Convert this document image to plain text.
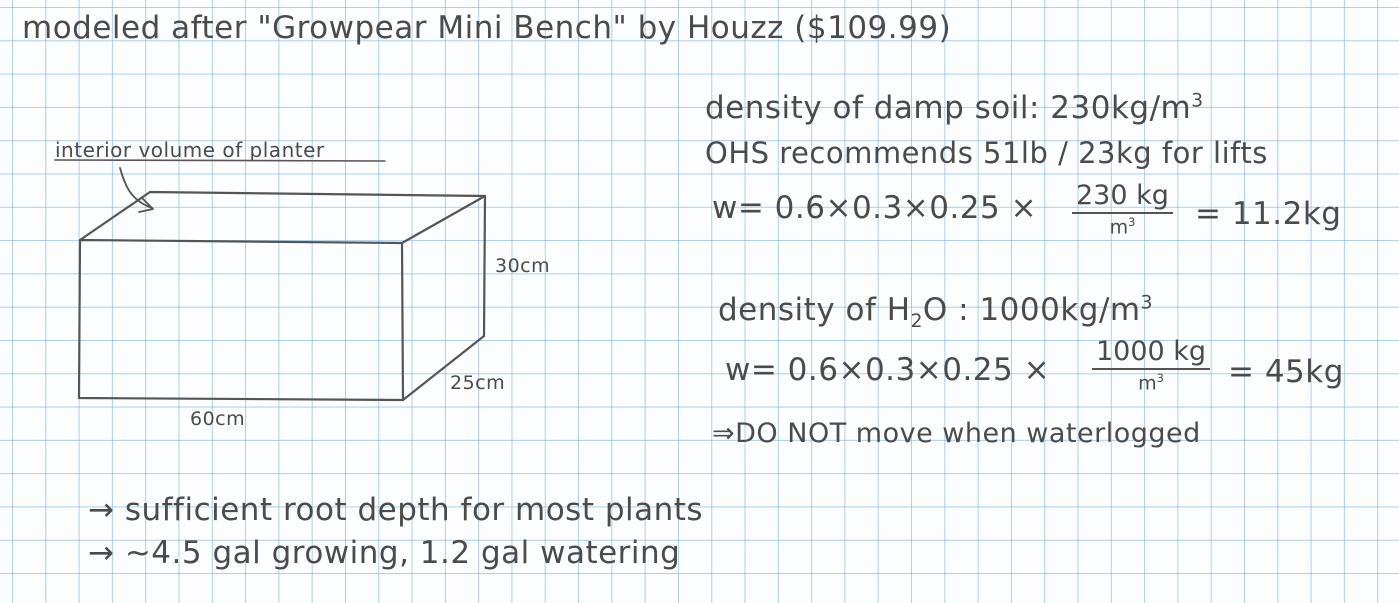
modeled after "Growpear Mini Bench" by Houzz ($109.99)
interior volume of planter
30cm
25cm
60cm
density of damp soil: $230kg/m^3$
OHS recommends 51lb / 23kg for lifts
w= 0.6×0.3×0.25 × 230 kg
$m^3$	= 11.2kg
density of $H_2O$ : $1000kg/m^3$
w= 0.6×0.3×0.25 ×
1000 kg
$m^3$	= 45kg
⇒DO NOT move when waterlogged
→ sufficient root depth for most plants
→ ~4.5 gal growing, 1.2 gal watering
